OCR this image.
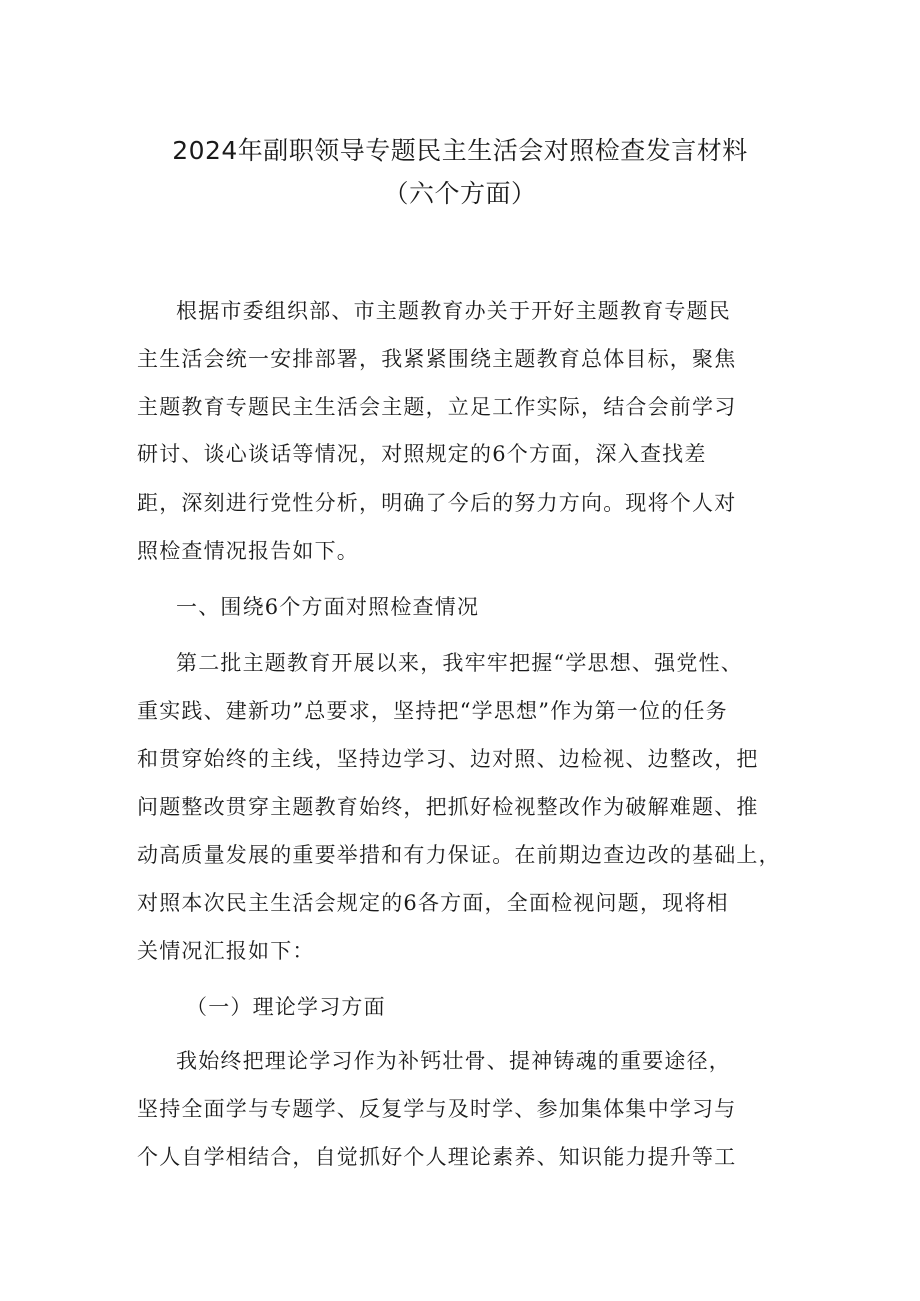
2024年副职领导专题民主生活会对照检查发言材料
（六个方面）
根据市委组织部、市主题教育办关于开好主题教育专题民
主生活会统一安排部署，我紧紧围绕主题教育总体目标，聚焦
主题教育专题民主生活会主题，立足工作实际，结合会前学习
研讨、谈心谈话等情况，对照规定的6个方面，深入查找差
距，深刻进行党性分析，明确了今后的努力方向。现将个人对
照检查情况报告如下。
一、围绕6个方面对照检查情况
第二批主题教育开展以来，我牢牢把握“学思想、强党性、
重实践、建新功”总要求，坚持把“学思想”作为第一位的任务
和贯穿始终的主线，坚持边学习、边对照、边检视、边整改，把
问题整改贯穿主题教育始终，把抓好检视整改作为破解难题、推
动高质量发展的重要举措和有力保证。在前期边查边改的基础上，
对照本次民主生活会规定的6各方面，全面检视问题，现将相
关情况汇报如下：
（一）理论学习方面
我始终把理论学习作为补钙壮骨、提神铸魂的重要途径，
坚持全面学与专题学、反复学与及时学、参加集体集中学习与
个人自学相结合，自觉抓好个人理论素养、知识能力提升等工
